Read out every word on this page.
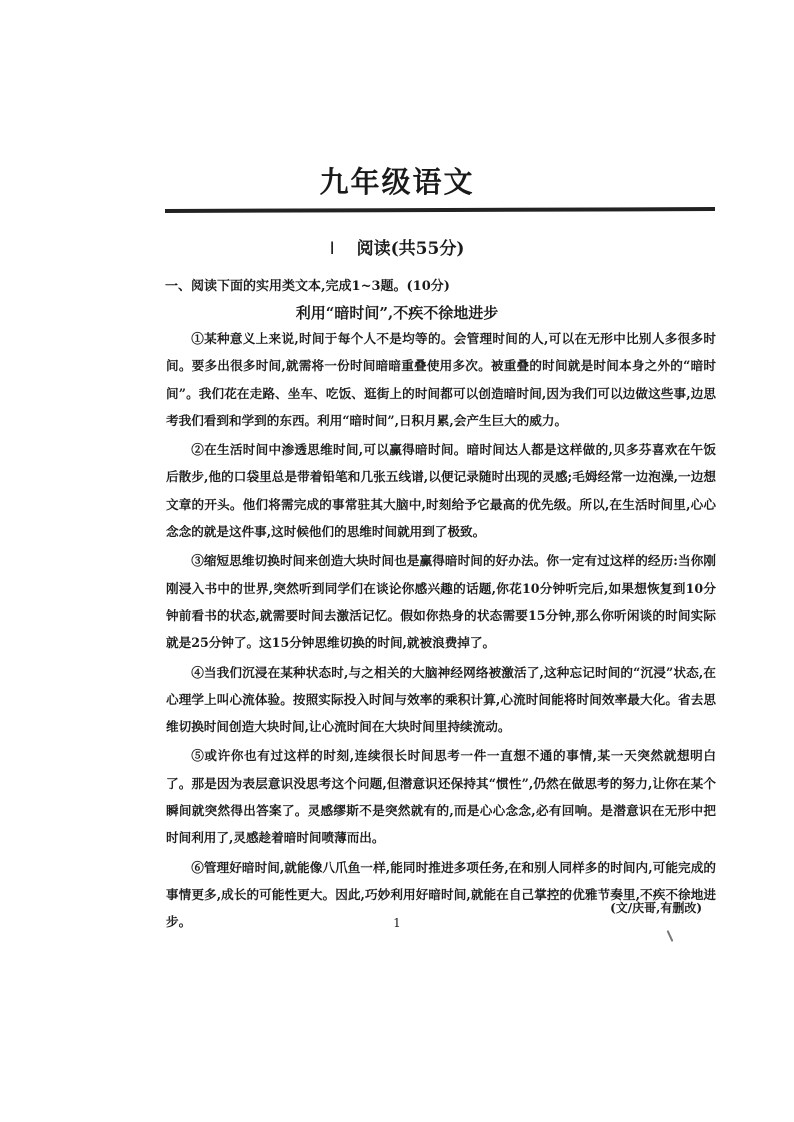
九年级语文
Ⅰ 阅读(共55分)
一、阅读下面的实用类文本,完成1~3题。(10分)
利用“暗时间”,不疾不徐地进步

①某种意义上来说,时间于每个人不是均等的。会管理时间的人,可以在无形中比别人多很多时间。要多出很多时间,就需将一份时间暗暗重叠使用多次。被重叠的时间就是时间本身之外的“暗时间”。我们花在走路、坐车、吃饭、逛街上的时间都可以创造暗时间,因为我们可以边做这些事,边思考我们看到和学到的东西。利用“暗时间”,日积月累,会产生巨大的威力。

②在生活时间中渗透思维时间,可以赢得暗时间。暗时间达人都是这样做的,贝多芬喜欢在午饭后散步,他的口袋里总是带着铅笔和几张五线谱,以便记录随时出现的灵感;毛姆经常一边泡澡,一边想文章的开头。他们将需完成的事常驻其大脑中,时刻给予它最高的优先级。所以,在生活时间里,心心念念的就是这件事,这时候他们的思维时间就用到了极致。

③缩短思维切换时间来创造大块时间也是赢得暗时间的好办法。你一定有过这样的经历:当你刚刚浸入书中的世界,突然听到同学们在谈论你感兴趣的话题,你花10分钟听完后,如果想恢复到10分钟前看书的状态,就需要时间去激活记忆。假如你热身的状态需要15分钟,那么你听闲谈的时间实际就是25分钟了。这15分钟思维切换的时间,就被浪费掉了。

④当我们沉浸在某种状态时,与之相关的大脑神经网络被激活了,这种忘记时间的“沉浸”状态,在心理学上叫心流体验。按照实际投入时间与效率的乘积计算,心流时间能将时间效率最大化。省去思维切换时间创造大块时间,让心流时间在大块时间里持续流动。

⑤或许你也有过这样的时刻,连续很长时间思考一件一直想不通的事情,某一天突然就想明白了。那是因为表层意识没思考这个问题,但潜意识还保持其“惯性”,仍然在做思考的努力,让你在某个瞬间就突然得出答案了。灵感缪斯不是突然就有的,而是心心念念,必有回响。是潜意识在无形中把时间利用了,灵感趁着暗时间喷薄而出。

⑥管理好暗时间,就能像八爪鱼一样,能同时推进多项任务,在和别人同样多的时间内,可能完成的事情更多,成长的可能性更大。因此,巧妙利用好暗时间,就能在自己掌控的优雅节奏里,不疾不徐地进步。

(文/庆哥,有删改)
1
